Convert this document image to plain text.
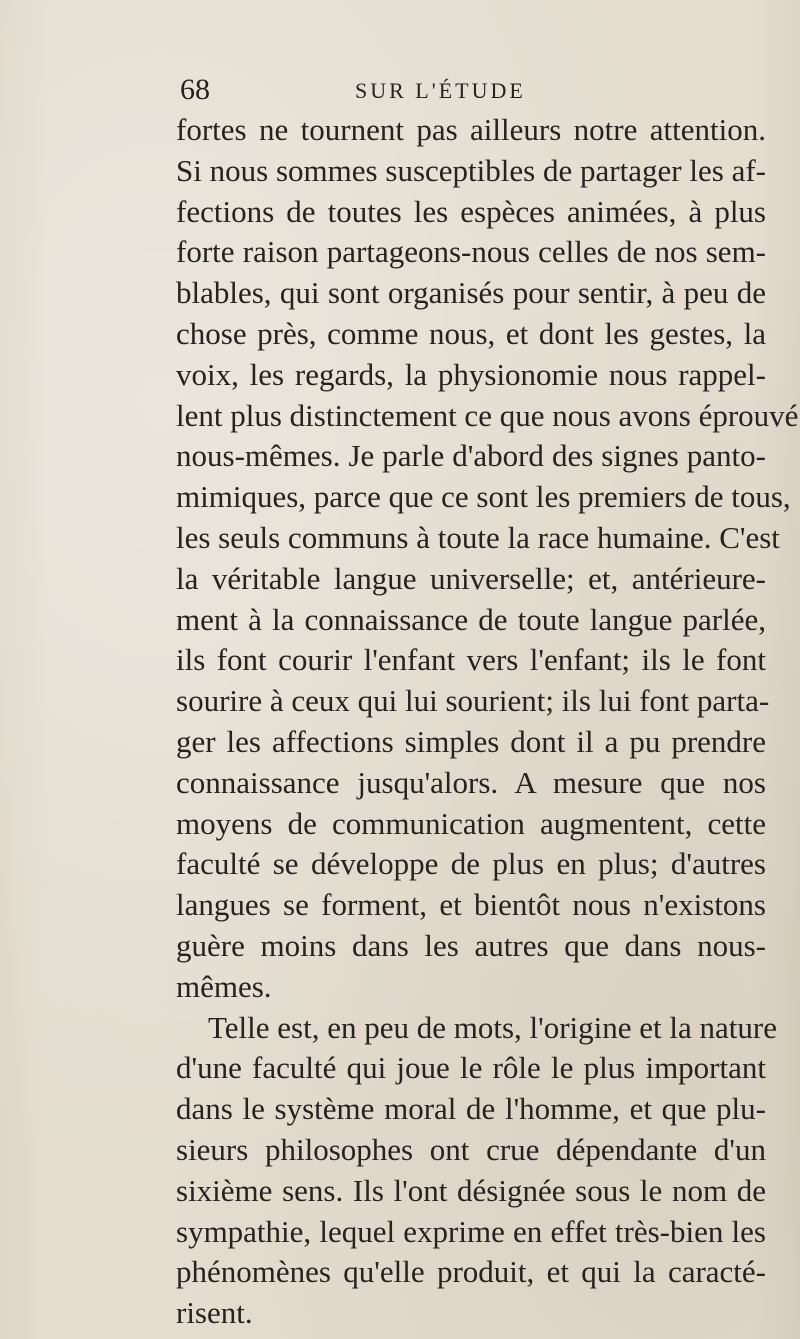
68	SUR L'ÉTUDE
fortes ne tournent pas ailleurs notre attention.
Si nous sommes susceptibles de partager les af-
fections de toutes les espèces animées, à plus
forte raison partageons-nous celles de nos sem-
blables, qui sont organisés pour sentir, à peu de
chose près, comme nous, et dont les gestes, la
voix, les regards, la physionomie nous rappel-
lent plus distinctement ce que nous avons éprouvé
nous-mêmes. Je parle d'abord des signes panto-
mimiques, parce que ce sont les premiers de tous,
les seuls communs à toute la race humaine. C'est
la véritable langue universelle; et, antérieure-
ment à la connaissance de toute langue parlée,
ils font courir l'enfant vers l'enfant; ils le font
sourire à ceux qui lui sourient; ils lui font parta-
ger les affections simples dont il a pu prendre
connaissance jusqu'alors. A mesure que nos
moyens de communication augmentent, cette
faculté se développe de plus en plus; d'autres
langues se forment, et bientôt nous n'existons
guère moins dans les autres que dans nous-
mêmes.
Telle est, en peu de mots, l'origine et la nature
d'une faculté qui joue le rôle le plus important
dans le système moral de l'homme, et que plu-
sieurs philosophes ont crue dépendante d'un
sixième sens. Ils l'ont désignée sous le nom de
sympathie, lequel exprime en effet très-bien les
phénomènes qu'elle produit, et qui la caracté-
risent.
